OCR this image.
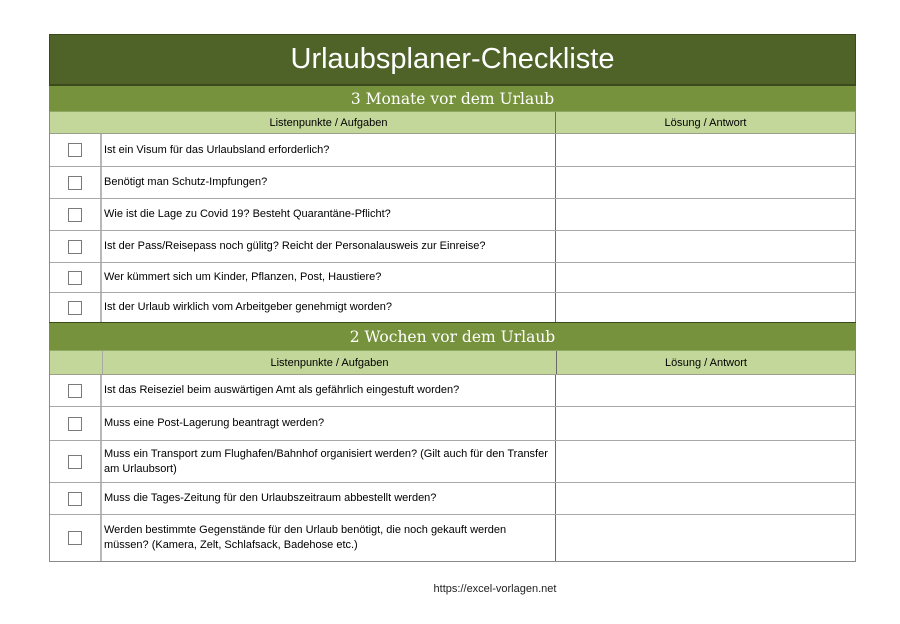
Urlaubsplaner-Checkliste
3 Monate vor dem Urlaub
Listenpunkte / Aufgaben	Lösung / Antwort
Ist ein Visum für das Urlaubsland erforderlich?
Benötigt man Schutz-Impfungen?
Wie ist die Lage zu Covid 19? Besteht Quarantäne-Pflicht?
Ist der Pass/Reisepass noch gülitg? Reicht der Personalausweis zur Einreise?
Wer kümmert sich um Kinder, Pflanzen, Post, Haustiere?
Ist der Urlaub wirklich vom Arbeitgeber genehmigt worden?
2 Wochen vor dem Urlaub
Listenpunkte / Aufgaben	Lösung / Antwort
Ist das Reiseziel beim auswärtigen Amt als gefährlich eingestuft worden?
Muss eine Post-Lagerung beantragt werden?
Muss ein Transport zum Flughafen/Bahnhof organisiert werden? (Gilt auch für den Transfer am Urlaubsort)
Muss die Tages-Zeitung für den Urlaubszeitraum abbestellt werden?
Werden bestimmte Gegenstände für den Urlaub benötigt, die noch gekauft werden müssen? (Kamera, Zelt, Schlafsack, Badehose etc.)
https://excel-vorlagen.net
